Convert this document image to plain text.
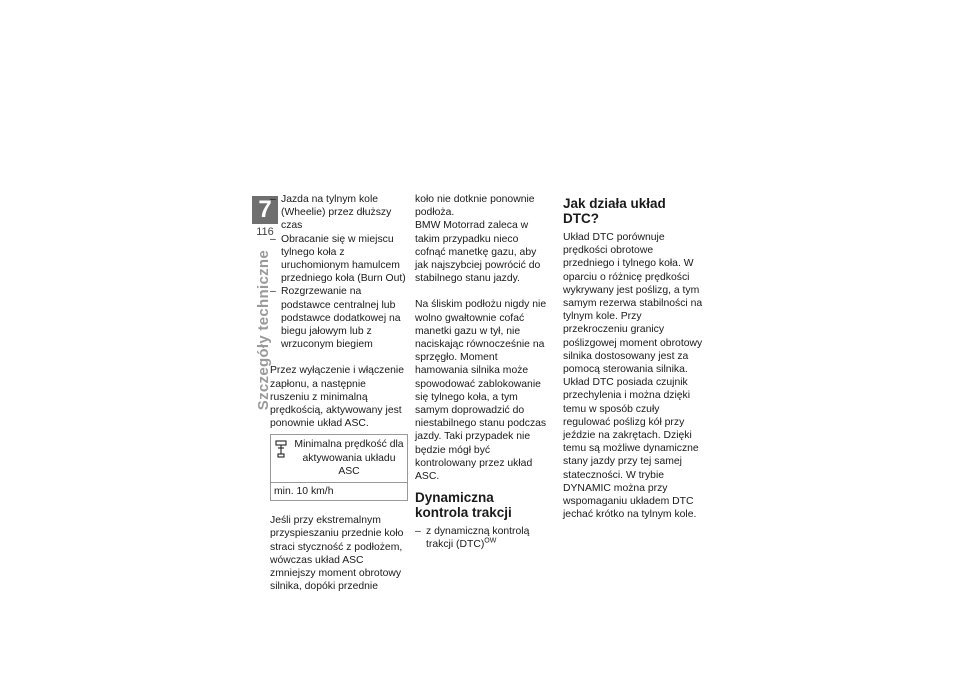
7
116
Szczegóły techniczne
– Jazda na tylnym kole (Wheelie) przez dłuższy czas
– Obracanie się w miejscu tylnego koła z uruchomionym hamulcem przedniego koła (Burn Out)
– Rozgrzewanie na podstawce centralnej lub podstawce dodatkowej na biegu jałowym lub z wrzuconym biegiem

Przez wyłączenie i włączenie zapłonu, a następnie ruszeniu z minimalną prędkością, aktywowany jest ponownie układ ASC.

Minimalna prędkość dla aktywowania układu ASC
min. 10 km/h

Jeśli przy ekstremalnym przyspieszaniu przednie koło straci styczność z podłożem, wówczas układ ASC zmniejszy moment obrotowy silnika, dopóki przednie

koło nie dotknie ponownie podłoża.

BMW Motorrad zaleca w takim przypadku nieco cofnąć manetkę gazu, aby jak najszybciej powrócić do stabilnego stanu jazdy.

Na śliskim podłożu nigdy nie wolno gwałtownie cofać manetki gazu w tył, nie naciskając równocześnie na sprzęgło. Moment hamowania silnika może spowodować zablokowanie się tylnego koła, a tym samym doprowadzić do niestabilnego stanu podczas jazdy. Taki przypadek nie będzie mógł być kontrolowany przez układ ASC.

Dynamiczna kontrola trakcji
– z dynamiczną kontrolą trakcji (DTC)$^{OW}$
Jak działa układ DTC?

Układ DTC porównuje prędkości obrotowe przedniego i tylnego koła. W oparciu o różnicę prędkości wykrywany jest poślizg, a tym samym rezerwa stabilności na tylnym kole. Przy przekroczeniu granicy poślizgowej moment obrotowy silnika dostosowany jest za pomocą sterowania silnika. Układ DTC posiada czujnik przechylenia i można dzięki temu w sposób czuły regulować poślizg kół przy jeździe na zakrętach. Dzięki temu są możliwe dynamiczne stany jazdy przy tej samej stateczności. W trybie DYNAMIC można przy wspomaganiu układem DTC jechać krótko na tylnym kole.
